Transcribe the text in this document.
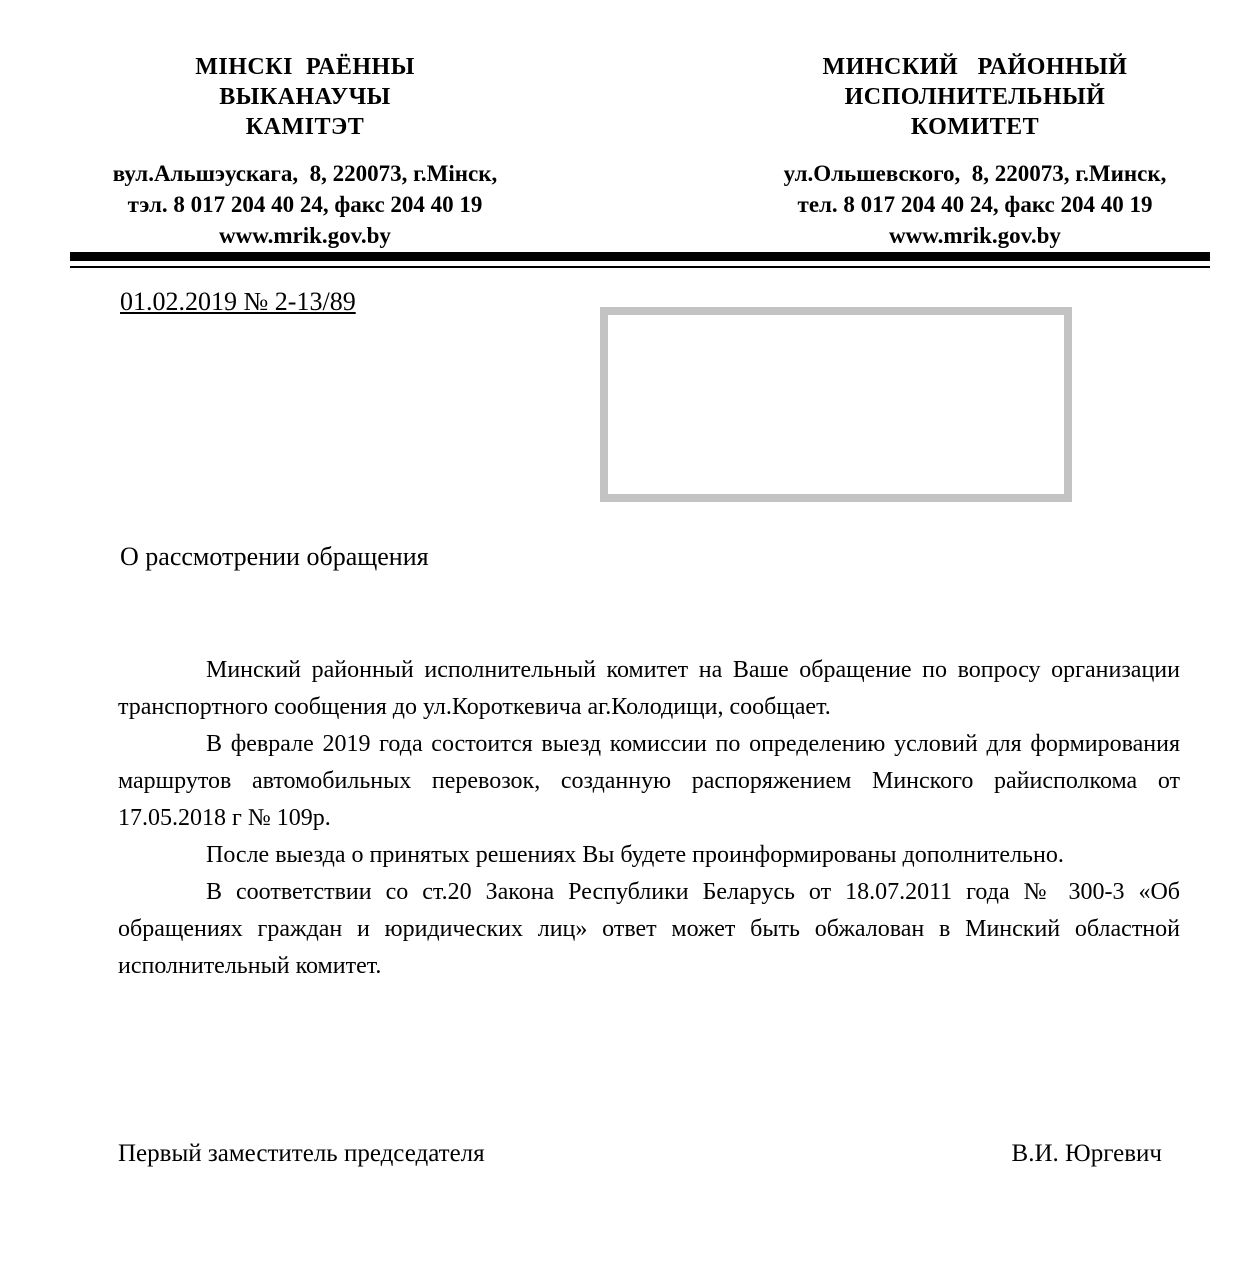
МІНСКІ  РАЁННЫ
ВЫКАНАУЧЫ
КАМІТЭТ
вул.Альшэускага,  8, 220073, г.Мінск,
тэл. 8 017 204 40 24, факс 204 40 19
www.mrik.gov.by
МИНСКИЙ   РАЙОННЫЙ
ИСПОЛНИТЕЛЬНЫЙ
КОМИТЕТ
ул.Ольшевского,  8, 220073, г.Минск,
тел. 8 017 204 40 24, факс 204 40 19
www.mrik.gov.by
01.02.2019 № 2-13/89
О рассмотрении обращения

Минский районный исполнительный комитет на Ваше обращение по вопросу организации транспортного сообщения до ул.Короткевича аг.Колодищи, сообщает.

В феврале 2019 года состоится выезд комиссии по определению условий для формирования маршрутов автомобильных перевозок, созданную распоряжением Минского райисполкома от 17.05.2018 г № 109р.

После выезда о принятых решениях Вы будете проинформированы дополнительно.

В соответствии со ст.20 Закона Республики Беларусь от 18.07.2011 года № 300-3 «Об обращениях граждан и юридических лиц» ответ может быть обжалован в Минский областной исполнительный комитет.

Первый заместитель председателя	В.И. Юргевич
